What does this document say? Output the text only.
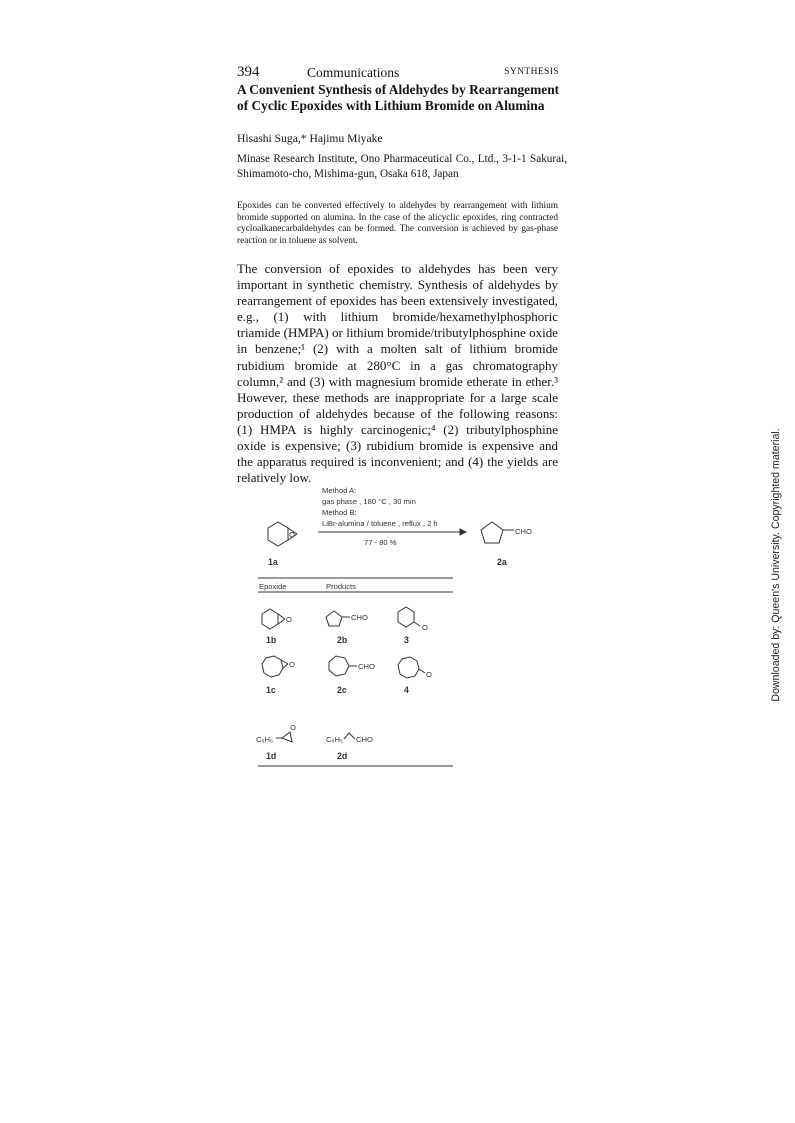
394	Communications	SYNTHESIS
A Convenient Synthesis of Aldehydes by Rearrangement of Cyclic Epoxides with Lithium Bromide on Alumina
Hisashi Suga,* Hajimu Miyake
Minase Research Institute, Ono Pharmaceutical Co., Ltd., 3-1-1 Sakurai, Shimamoto-cho, Mishima-gun, Osaka 618, Japan
Epoxides can be converted effectively to aldehydes by rearrangement with lithium bromide supported on alumina. In the case of the alicyclic epoxides, ring contracted cycloalkanecarbaldehydes can be formed. The conversion is achieved by gas-phase reaction or in toluene as solvent.
The conversion of epoxides to aldehydes has been very important in synthetic chemistry. Synthesis of aldehydes by rearrangement of epoxides has been extensively investigated, e.g., (1) with lithium bromide/hexamethylphosphoric triamide (HMPA) or lithium bromide/tributylphosphine oxide in benzene;¹ (2) with a molten salt of lithium bromide rubidium bromide at 280°C in a gas chromatography column,² and (3) with magnesium bromide etherate in ether.³ However, these methods are inappropriate for a large scale production of aldehydes because of the following reasons: (1) HMPA is highly carcinogenic;⁴ (2) tributylphosphine oxide is expensive; (3) rubidium bromide is expensive and the apparatus required is inconvenient; and (4) the yields are relatively low.
Method A:
gas phase , 180 °C , 30 min
Method B:
LiBr-alumina / toluene , reflux , 2 h
77 - 80 %
O	CHO
1a	2a
Epoxide	Products
O	CHO
O
1b	2b	3
O	CHO
O
1c	2c	4
C₆H₅
O
C₆H₅ CHO
1d	2d
Downloaded by: Queen's University. Copyrighted material.
